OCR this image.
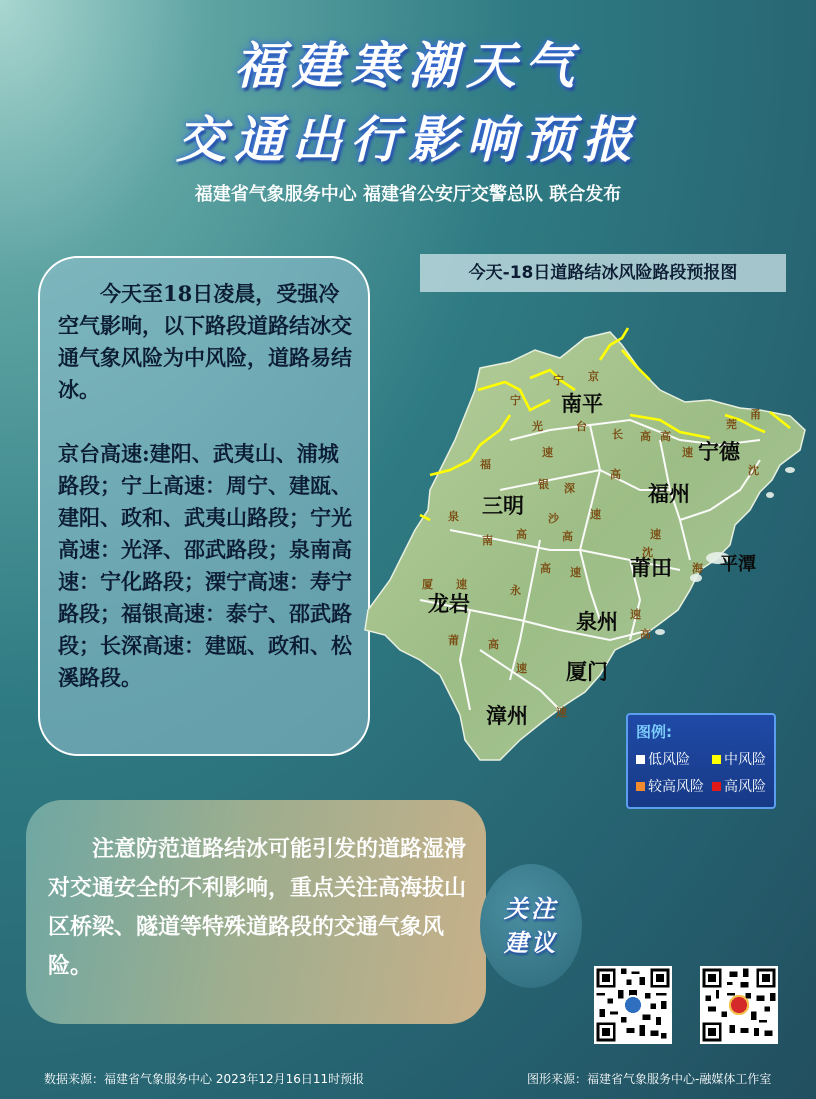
福建寒潮天气
交通出行影响预报
福建省气象服务中心 福建省公安厅交警总队 联合发布

今天至18日凌晨，受强冷空气影响，以下路段道路结冰交通气象风险为中风险，道路易结冰。

京台高速:建阳、武夷山、浦城路段；宁上高速：周宁、建瓯、建阳、政和、武夷山路段；宁光高速：光泽、邵武路段；泉南高速：宁化路段；溧宁高速：寿宁路段；福银高速：泰宁、邵武路段；长深高速：建瓯、政和、松溪路段。

今天-18日道路结冰风险路段预报图
南平
宁德
福州
三明
莆田	平潭
龙岩
泉州
厦门
漳州
宁 京
宁
光	台
长 高
莞
甬
福
速
高
速
银 深
高	沈
泉	沙
高
速
南	高	速
沈
高	海
厦 速
速
永
速
高
莆	高
速
速
图例:
低风险 中风险
较高风险 高风险

注意防范道路结冰可能引发的道路湿滑对交通安全的不利影响，重点关注高海拔山区桥梁、隧道等特殊道路段的交通气象风险。

关注
建议
数据来源：福建省气象服务中心 2023年12月16日11时预报	图形来源：福建省气象服务中心-融媒体工作室
